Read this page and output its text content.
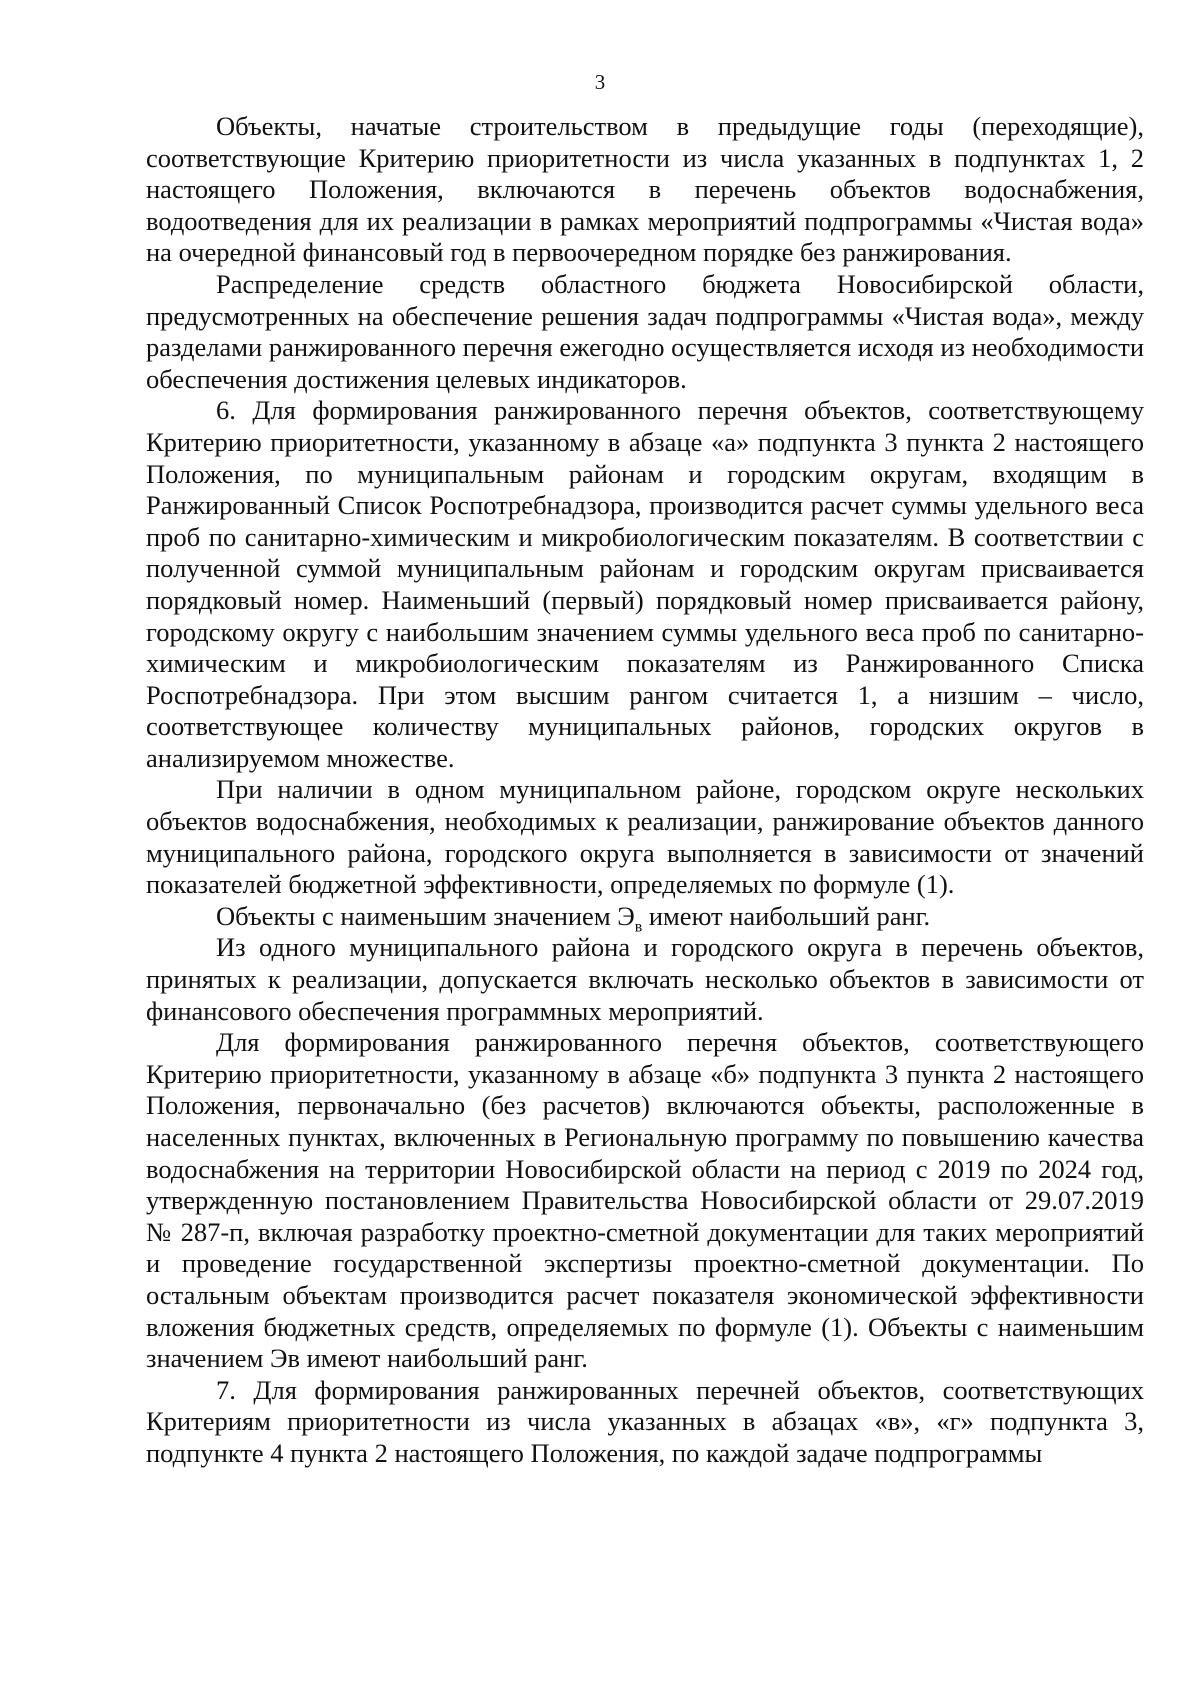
3

Объекты, начатые строительством в предыдущие годы (переходящие), соответствующие Критерию приоритетности из числа указанных в подпунктах 1, 2 настоящего Положения, включаются в перечень объектов водоснабжения, водоотведения для их реализации в рамках мероприятий подпрограммы «Чистая вода» на очередной финансовый год в первоочередном порядке без ранжирования.

Распределение средств областного бюджета Новосибирской области, предусмотренных на обеспечение решения задач подпрограммы «Чистая вода», между разделами ранжированного перечня ежегодно осуществляется исходя из необходимости обеспечения достижения целевых индикаторов.

6. Для формирования ранжированного перечня объектов, соответствующему Критерию приоритетности, указанному в абзаце «а» подпункта 3 пункта 2 настоящего Положения, по муниципальным районам и городским округам, входящим в Ранжированный Список Роспотребнадзора, производится расчет суммы удельного веса проб по санитарно-химическим и микробиологическим показателям. В соответствии с полученной суммой муниципальным районам и городским округам присваивается порядковый номер. Наименьший (первый) порядковый номер присваивается району, городскому округу с наибольшим значением суммы удельного веса проб по санитарно-химическим и микробиологическим показателям из Ранжированного Списка Роспотребнадзора. При этом высшим рангом считается 1, а низшим – число, соответствующее количеству муниципальных районов, городских округов в анализируемом множестве.

При наличии в одном муниципальном районе, городском округе нескольких объектов водоснабжения, необходимых к реализации, ранжирование объектов данного муниципального района, городского округа выполняется в зависимости от значений показателей бюджетной эффективности, определяемых по формуле (1).

Объекты с наименьшим значением $Э_в$ имеют наибольший ранг.

Из одного муниципального района и городского округа в перечень объектов, принятых к реализации, допускается включать несколько объектов в зависимости от финансового обеспечения программных мероприятий.

Для формирования ранжированного перечня объектов, соответствующего Критерию приоритетности, указанному в абзаце «б» подпункта 3 пункта 2 настоящего Положения, первоначально (без расчетов) включаются объекты, расположенные в населенных пунктах, включенных в Региональную программу по повышению качества водоснабжения на территории Новосибирской области на период с 2019 по 2024 год, утвержденную постановлением Правительства Новосибирской области от 29.07.2019 № 287-п, включая разработку проектно-сметной документации для таких мероприятий и проведение государственной экспертизы проектно-сметной документации. По остальным объектам производится расчет показателя экономической эффективности вложения бюджетных средств, определяемых по формуле (1). Объекты с наименьшим значением Эв имеют наибольший ранг.

7. Для формирования ранжированных перечней объектов, соответствующих Критериям приоритетности из числа указанных в абзацах «в», «г» подпункта 3, подпункте 4 пункта 2 настоящего Положения, по каждой задаче подпрограммы
